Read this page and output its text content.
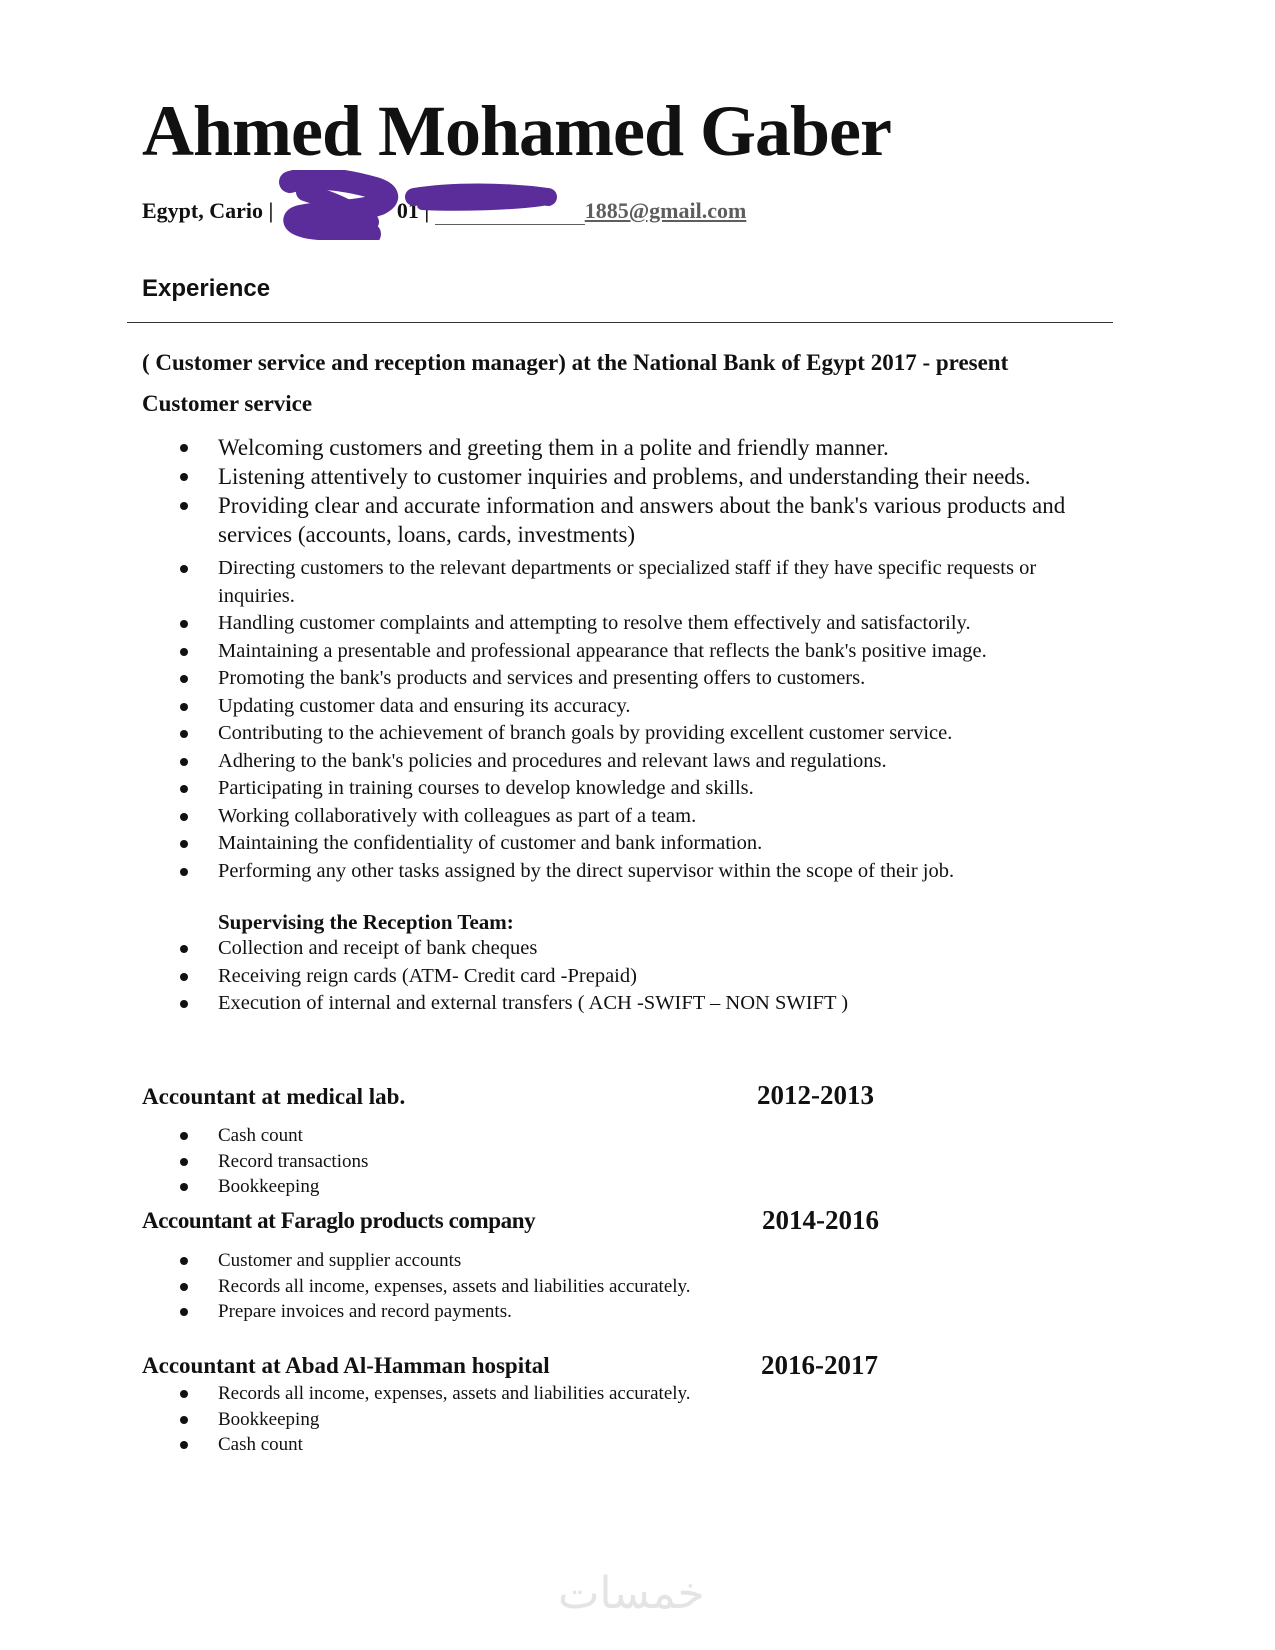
Ahmed Mohamed Gaber
Egypt, Cario |	01 |	1885@gmail.com
Experience
( Customer service and reception manager) at the National Bank of Egypt 2017 - present
Customer service
Welcoming customers and greeting them in a polite and friendly manner.
Listening attentively to customer inquiries and problems, and understanding their needs.
Providing clear and accurate information and answers about the bank's various products and services (accounts, loans, cards, investments)
Directing customers to the relevant departments or specialized staff if they have specific requests or inquiries.
Handling customer complaints and attempting to resolve them effectively and satisfactorily.
Maintaining a presentable and professional appearance that reflects the bank's positive image.
Promoting the bank's products and services and presenting offers to customers.
Updating customer data and ensuring its accuracy.
Contributing to the achievement of branch goals by providing excellent customer service.
Adhering to the bank's policies and procedures and relevant laws and regulations.
Participating in training courses to develop knowledge and skills.
Working collaboratively with colleagues as part of a team.
Maintaining the confidentiality of customer and bank information.
Performing any other tasks assigned by the direct supervisor within the scope of their job.
Supervising the Reception Team:
Collection and receipt of bank cheques
Receiving reign cards (ATM- Credit card -Prepaid)
Execution of internal and external transfers ( ACH -SWIFT – NON SWIFT )
Accountant at medical lab.	2012-2013
Cash count
Record transactions
Bookkeeping
Accountant at Faraglo products company	2014-2016
Customer and supplier accounts
Records all income, expenses, assets and liabilities accurately.
Prepare invoices and record payments.
Accountant at Abad Al-Hamman hospital	2016-2017
Records all income, expenses, assets and liabilities accurately.
Bookkeeping
Cash count
خمسات
